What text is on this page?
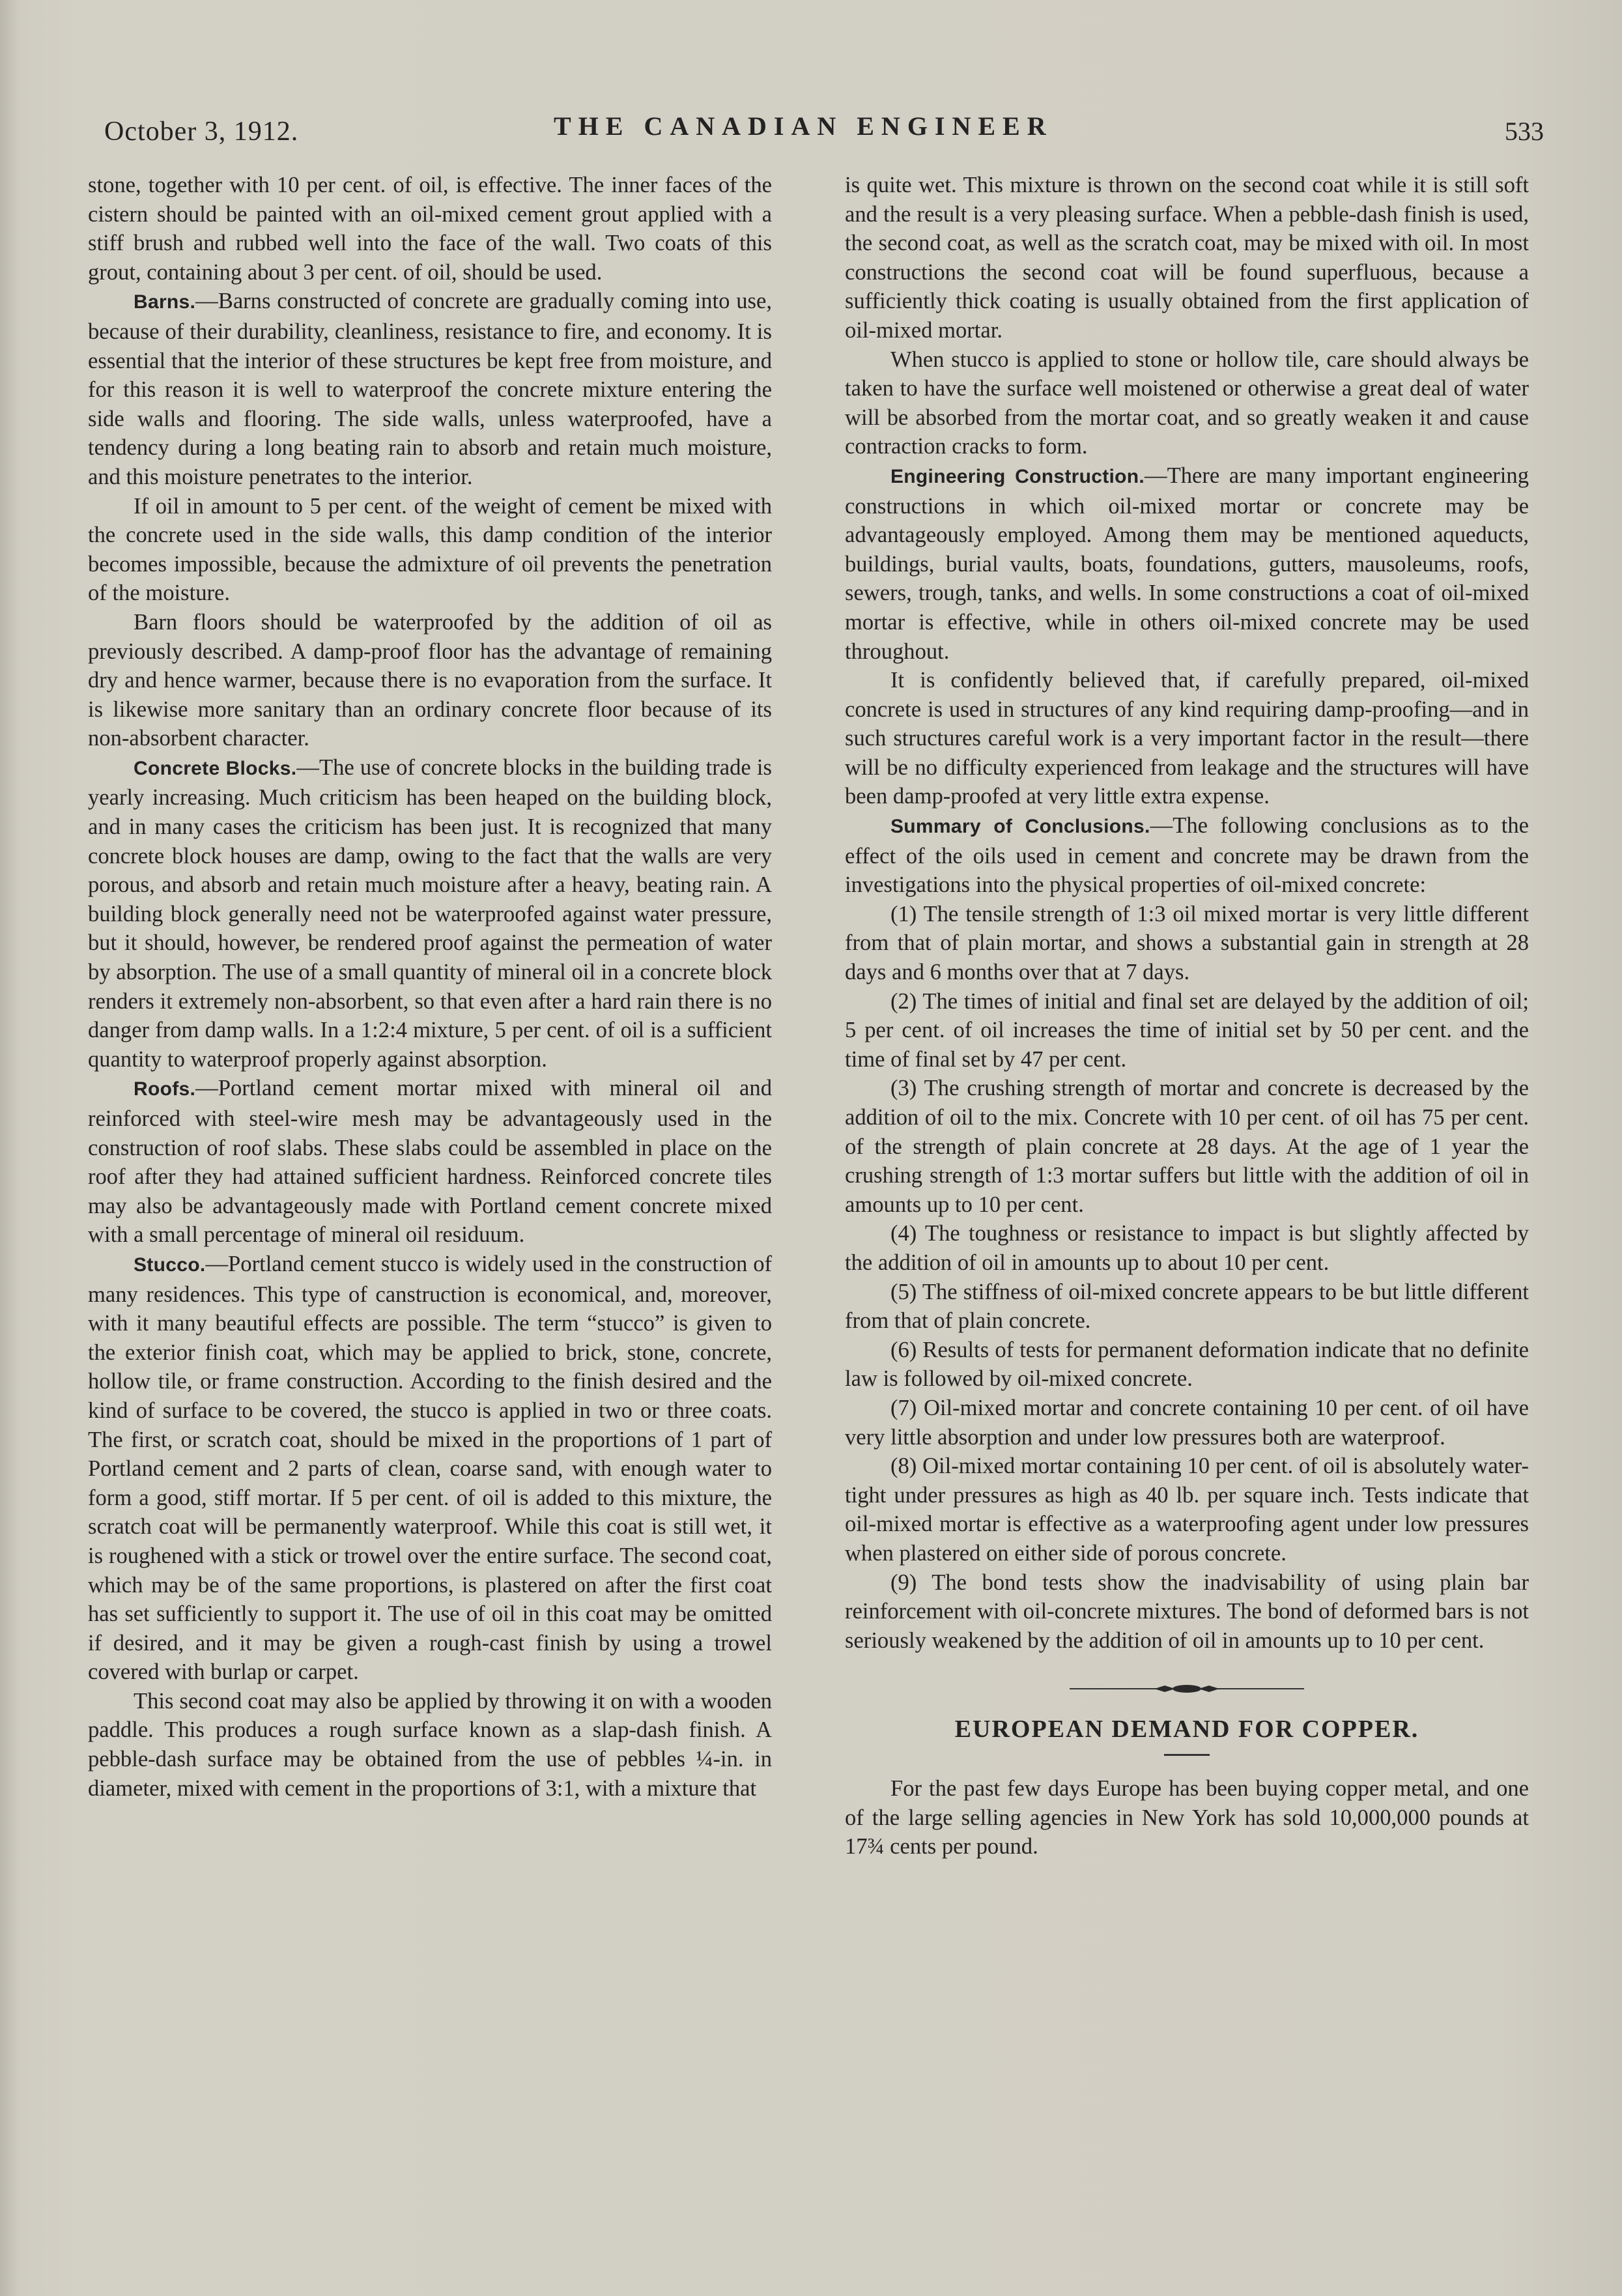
October 3, 1912.	THE CANADIAN ENGINEER	533

stone, together with 10 per cent. of oil, is effective. The inner faces of the cistern should be painted with an oil-mixed cement grout applied with a stiff brush and rubbed well into the face of the wall. Two coats of this grout, containing about 3 per cent. of oil, should be used.

Barns.—Barns constructed of concrete are gradually coming into use, because of their durability, cleanliness, resistance to fire, and economy. It is essential that the interior of these structures be kept free from moisture, and for this reason it is well to waterproof the concrete mixture entering the side walls and flooring. The side walls, unless waterproofed, have a tendency during a long beating rain to absorb and retain much moisture, and this moisture penetrates to the interior.

If oil in amount to 5 per cent. of the weight of cement be mixed with the concrete used in the side walls, this damp condition of the interior becomes impossible, because the admixture of oil prevents the penetration of the moisture.

Barn floors should be waterproofed by the addition of oil as previously described. A damp-proof floor has the advantage of remaining dry and hence warmer, because there is no evaporation from the surface. It is likewise more sanitary than an ordinary concrete floor because of its non-absorbent character.

Concrete Blocks.—The use of concrete blocks in the building trade is yearly increasing. Much criticism has been heaped on the building block, and in many cases the criticism has been just. It is recognized that many concrete block houses are damp, owing to the fact that the walls are very porous, and absorb and retain much moisture after a heavy, beating rain. A building block generally need not be waterproofed against water pressure, but it should, however, be rendered proof against the permeation of water by absorption. The use of a small quantity of mineral oil in a concrete block renders it extremely non-absorbent, so that even after a hard rain there is no danger from damp walls. In a 1:2:4 mixture, 5 per cent. of oil is a sufficient quantity to waterproof properly against absorption.

Roofs.—Portland cement mortar mixed with mineral oil and reinforced with steel-wire mesh may be advantageously used in the construction of roof slabs. These slabs could be assembled in place on the roof after they had attained sufficient hardness. Reinforced concrete tiles may also be advantageously made with Portland cement concrete mixed with a small percentage of mineral oil residuum.

Stucco.—Portland cement stucco is widely used in the construction of many residences. This type of canstruction is economical, and, moreover, with it many beautiful effects are possible. The term “stucco” is given to the exterior finish coat, which may be applied to brick, stone, concrete, hollow tile, or frame construction. According to the finish desired and the kind of surface to be covered, the stucco is applied in two or three coats. The first, or scratch coat, should be mixed in the proportions of 1 part of Portland cement and 2 parts of clean, coarse sand, with enough water to form a good, stiff mortar. If 5 per cent. of oil is added to this mixture, the scratch coat will be permanently waterproof. While this coat is still wet, it is roughened with a stick or trowel over the entire surface. The second coat, which may be of the same proportions, is plastered on after the first coat has set sufficiently to support it. The use of oil in this coat may be omitted if desired, and it may be given a rough-cast finish by using a trowel covered with burlap or carpet.

This second coat may also be applied by throwing it on with a wooden paddle. This produces a rough surface known as a slap-dash finish. A pebble-dash surface may be obtained from the use of pebbles ¼-in. in diameter, mixed with cement in the proportions of 3:1, with a mixture that

is quite wet. This mixture is thrown on the second coat while it is still soft and the result is a very pleasing surface. When a pebble-dash finish is used, the second coat, as well as the scratch coat, may be mixed with oil. In most constructions the second coat will be found superfluous, because a sufficiently thick coating is usually obtained from the first application of oil-mixed mortar.

When stucco is applied to stone or hollow tile, care should always be taken to have the surface well moistened or otherwise a great deal of water will be absorbed from the mortar coat, and so greatly weaken it and cause contraction cracks to form.

Engineering Construction.—There are many important engineering constructions in which oil-mixed mortar or concrete may be advantageously employed. Among them may be mentioned aqueducts, buildings, burial vaults, boats, foundations, gutters, mausoleums, roofs, sewers, trough, tanks, and wells. In some constructions a coat of oil-mixed mortar is effective, while in others oil-mixed concrete may be used throughout.

It is confidently believed that, if carefully prepared, oil-mixed concrete is used in structures of any kind requiring damp-proofing—and in such structures careful work is a very important factor in the result—there will be no difficulty experienced from leakage and the structures will have been damp-proofed at very little extra expense.

Summary of Conclusions.—The following conclusions as to the effect of the oils used in cement and concrete may be drawn from the investigations into the physical properties of oil-mixed concrete:

(1) The tensile strength of 1:3 oil mixed mortar is very little different from that of plain mortar, and shows a substantial gain in strength at 28 days and 6 months over that at 7 days.

(2) The times of initial and final set are delayed by the addition of oil; 5 per cent. of oil increases the time of initial set by 50 per cent. and the time of final set by 47 per cent.

(3) The crushing strength of mortar and concrete is decreased by the addition of oil to the mix. Concrete with 10 per cent. of oil has 75 per cent. of the strength of plain concrete at 28 days. At the age of 1 year the crushing strength of 1:3 mortar suffers but little with the addition of oil in amounts up to 10 per cent.

(4) The toughness or resistance to impact is but slightly affected by the addition of oil in amounts up to about 10 per cent.

(5) The stiffness of oil-mixed concrete appears to be but little different from that of plain concrete.

(6) Results of tests for permanent deformation indicate that no definite law is followed by oil-mixed concrete.

(7) Oil-mixed mortar and concrete containing 10 per cent. of oil have very little absorption and under low pressures both are waterproof.

(8) Oil-mixed mortar containing 10 per cent. of oil is absolutely water-tight under pressures as high as 40 lb. per square inch. Tests indicate that oil-mixed mortar is effective as a waterproofing agent under low pressures when plastered on either side of porous concrete.

(9) The bond tests show the inadvisability of using plain bar reinforcement with oil-concrete mixtures. The bond of deformed bars is not seriously weakened by the addition of oil in amounts up to 10 per cent.

EUROPEAN DEMAND FOR COPPER.

For the past few days Europe has been buying copper metal, and one of the large selling agencies in New York has sold 10,000,000 pounds at 17¾ cents per pound.
